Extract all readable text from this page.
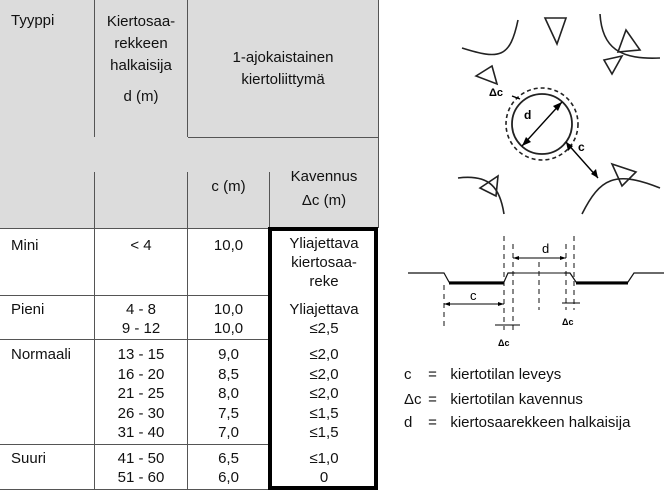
Tyyppi	Kiertosaa-
rekkeen
halkaisija
d (m)
1-ajokaistainen
kiertoliittymä
c (m)
Kavennus
Δc (m)
Mini
Pieni
Normaali
Suuri
< 4
4 - 8
9 - 12
13 - 15
16 - 20
21 - 25
26 - 30
31 - 40
41 - 50
51 - 60
10,0
10,0
10,0
9,0
8,5
8,0
7,5
7,0
6,5
6,0
Yliajettava
kiertosaa-
reke
Yliajettava
≤2,5
≤2,0
≤2,0
≤2,0
≤1,5
≤1,5
≤1,0
0
d
c
Δc
d
c
Δc
Δc
c = kiertotilan leveys
Δc = kiertotilan kavennus
d = kiertosaarekkeen halkaisija
